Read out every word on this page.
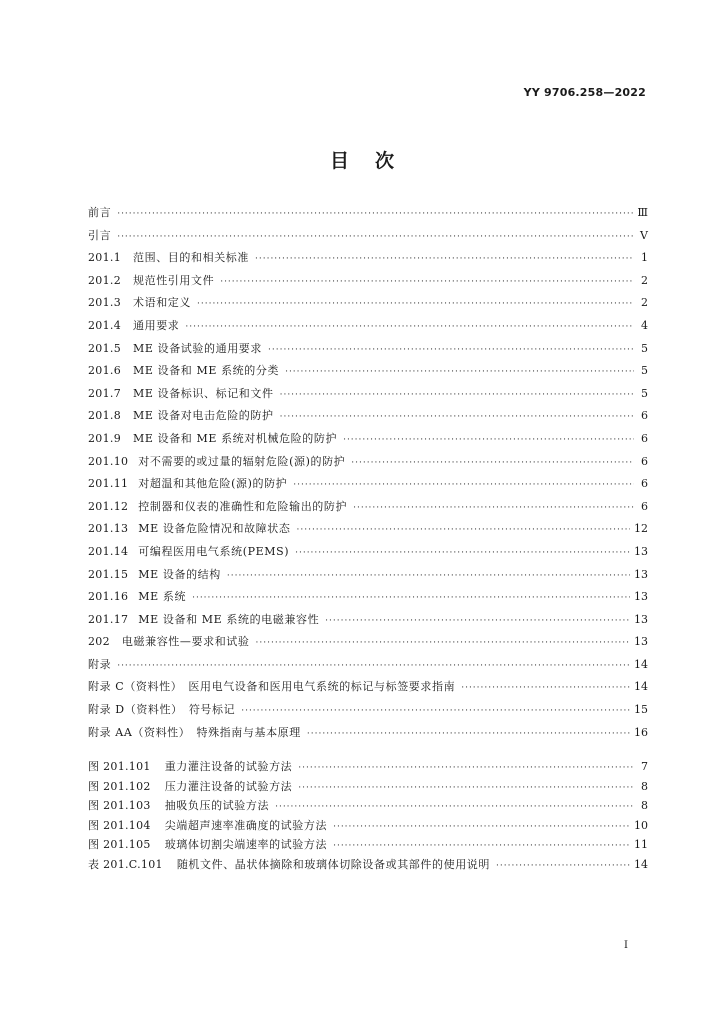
YY 9706.258—2022
目次
前言 ·····	Ⅲ
引言 ·····	Ⅴ
201.1 范围、目的和相关标准 ·····	1
201.2 规范性引用文件 ·····	2
201.3 术语和定义 ·····	2
201.4 通用要求 ·····	4
201.5 ME 设备试验的通用要求 ·····	5
201.6 ME 设备和 ME 系统的分类 ·····	5
201.7 ME 设备标识、标记和文件 ·····	5
201.8 ME 设备对电击危险的防护 ·····	6
201.9 ME 设备和 ME 系统对机械危险的防护 ·····	6
201.10 对不需要的或过量的辐射危险(源)的防护 ·····	6
201.11 对超温和其他危险(源)的防护 ·····	6
201.12 控制器和仪表的准确性和危险输出的防护 ·····	6
201.13 ME 设备危险情况和故障状态 ·····	12
201.14 可编程医用电气系统(PEMS) ·····	13
201.15 ME 设备的结构 ·····	13
201.16 ME 系统 ·····	13
201.17 ME 设备和 ME 系统的电磁兼容性 ·····	13
202 电磁兼容性—要求和试验 ·····	13
附录 ·····	14
附录 C（资料性）　医用电气设备和医用电气系统的标记与标签要求指南 ·····	14
附录 D（资料性）　符号标记 ·····	15
附录 AA（资料性）　特殊指南与基本原理 ·····	16
图 201.101 重力灌注设备的试验方法 ·····	7
图 201.102 压力灌注设备的试验方法 ·····	8
图 201.103 抽吸负压的试验方法 ·····	8
图 201.104 尖端超声速率准确度的试验方法 ·····	10
图 201.105 玻璃体切割尖端速率的试验方法 ·····	11
表 201.C.101 随机文件、晶状体摘除和玻璃体切除设备或其部件的使用说明 ·····	14
I
